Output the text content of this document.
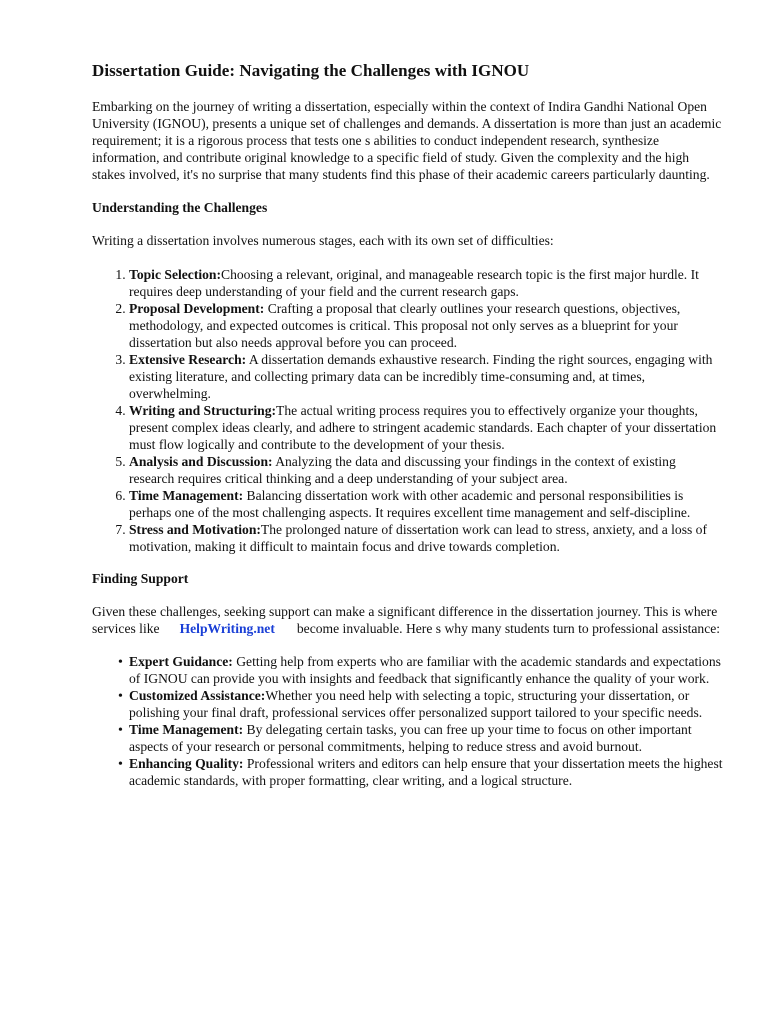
Dissertation Guide: Navigating the Challenges with IGNOU

Embarking on the journey of writing a dissertation, especially within the context of Indira Gandhi National Open University (IGNOU), presents a unique set of challenges and demands. A dissertation is more than just an academic requirement; it is a rigorous process that tests one s abilities to conduct independent research, synthesize information, and contribute original knowledge to a specific field of study. Given the complexity and the high stakes involved, it's no surprise that many students find this phase of their academic careers particularly daunting.

Understanding the Challenges

Writing a dissertation involves numerous stages, each with its own set of difficulties:

1. Topic Selection:Choosing a relevant, original, and manageable research topic is the first major hurdle. It requires deep understanding of your field and the current research gaps.
2. Proposal Development: Crafting a proposal that clearly outlines your research questions, objectives, methodology, and expected outcomes is critical. This proposal not only serves as a blueprint for your dissertation but also needs approval before you can proceed.
3. Extensive Research: A dissertation demands exhaustive research. Finding the right sources, engaging with existing literature, and collecting primary data can be incredibly time-consuming and, at times, overwhelming.
4. Writing and Structuring:The actual writing process requires you to effectively organize your thoughts, present complex ideas clearly, and adhere to stringent academic standards. Each chapter of your dissertation must flow logically and contribute to the development of your thesis.
5. Analysis and Discussion: Analyzing the data and discussing your findings in the context of existing research requires critical thinking and a deep understanding of your subject area.
6. Time Management: Balancing dissertation work with other academic and personal responsibilities is perhaps one of the most challenging aspects. It requires excellent time management and self-discipline.
7. Stress and Motivation:The prolonged nature of dissertation work can lead to stress, anxiety, and a loss of motivation, making it difficult to maintain focus and drive towards completion.
Finding Support

Given these challenges, seeking support can make a significant difference in the dissertation journey. This is where services like HelpWriting.net become invaluable. Here s why many students turn to professional assistance:

• Expert Guidance: Getting help from experts who are familiar with the academic standards and expectations of IGNOU can provide you with insights and feedback that significantly enhance the quality of your work.
• Customized Assistance:Whether you need help with selecting a topic, structuring your dissertation, or polishing your final draft, professional services offer personalized support tailored to your specific needs.
• Time Management: By delegating certain tasks, you can free up your time to focus on other important aspects of your research or personal commitments, helping to reduce stress and avoid burnout.
• Enhancing Quality: Professional writers and editors can help ensure that your dissertation meets the highest academic standards, with proper formatting, clear writing, and a logical structure.
